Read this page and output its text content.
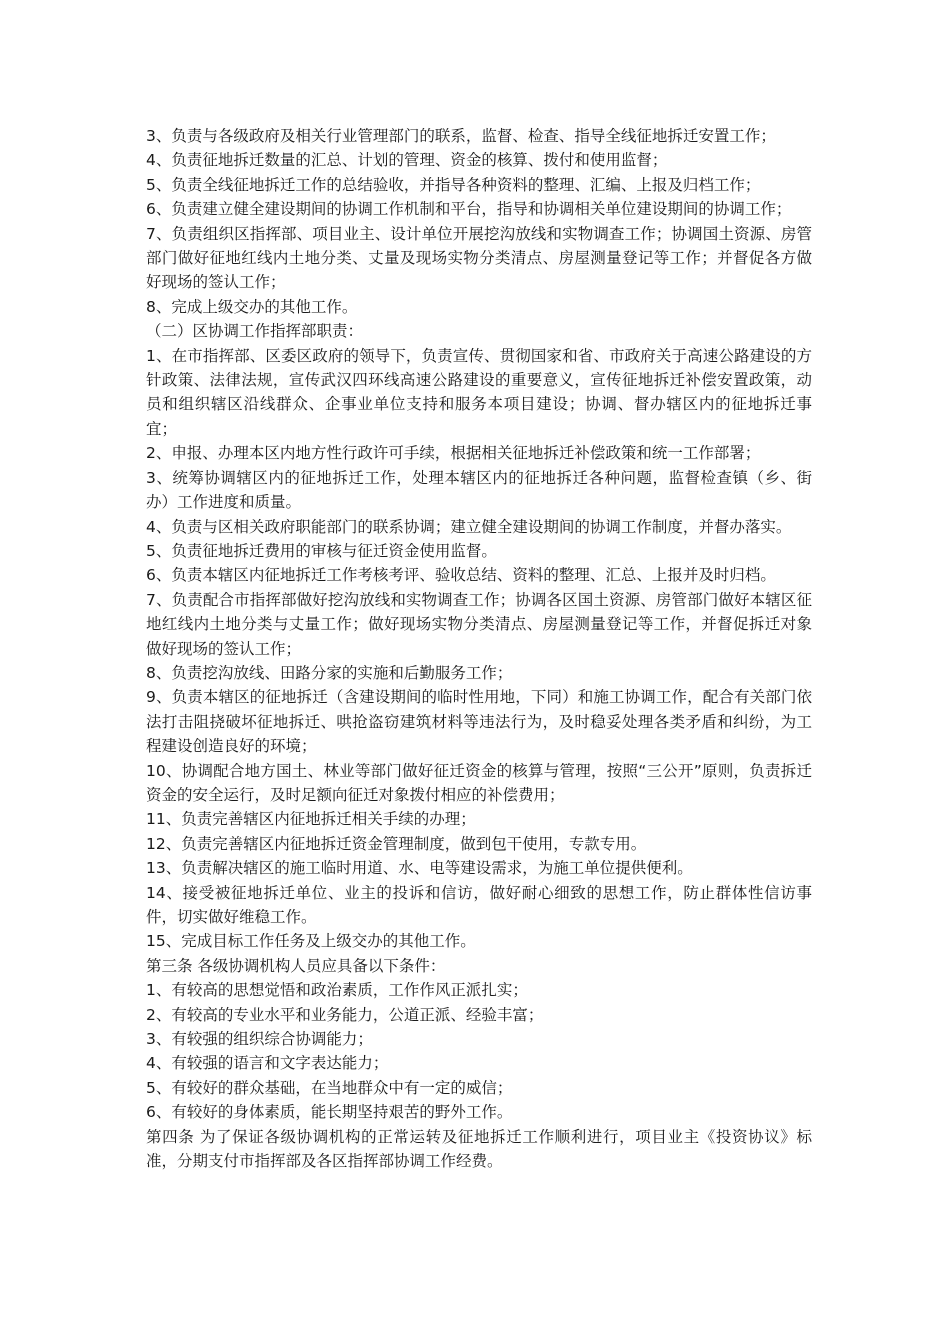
3、负责与各级政府及相关行业管理部门的联系，监督、检查、指导全线征地拆迁安置工作；

4、负责征地拆迁数量的汇总、计划的管理、资金的核算、拨付和使用监督；

5、负责全线征地拆迁工作的总结验收，并指导各种资料的整理、汇编、上报及归档工作；

6、负责建立健全建设期间的协调工作机制和平台，指导和协调相关单位建设期间的协调工作；

7、负责组织区指挥部、项目业主、设计单位开展挖沟放线和实物调查工作；协调国土资源、房管部门做好征地红线内土地分类、丈量及现场实物分类清点、房屋测量登记等工作；并督促各方做好现场的签认工作；

8、完成上级交办的其他工作。

（二）区协调工作指挥部职责：

1、在市指挥部、区委区政府的领导下，负责宣传、贯彻国家和省、市政府关于高速公路建设的方针政策、法律法规，宣传武汉四环线高速公路建设的重要意义，宣传征地拆迁补偿安置政策，动员和组织辖区沿线群众、企事业单位支持和服务本项目建设；协调、督办辖区内的征地拆迁事宜；

2、申报、办理本区内地方性行政许可手续，根据相关征地拆迁补偿政策和统一工作部署；

3、统筹协调辖区内的征地拆迁工作，处理本辖区内的征地拆迁各种问题，监督检查镇（乡、街办）工作进度和质量。

4、负责与区相关政府职能部门的联系协调；建立健全建设期间的协调工作制度，并督办落实。

5、负责征地拆迁费用的审核与征迁资金使用监督。

6、负责本辖区内征地拆迁工作考核考评、验收总结、资料的整理、汇总、上报并及时归档。

7、负责配合市指挥部做好挖沟放线和实物调查工作；协调各区国土资源、房管部门做好本辖区征地红线内土地分类与丈量工作；做好现场实物分类清点、房屋测量登记等工作，并督促拆迁对象做好现场的签认工作；

8、负责挖沟放线、田路分家的实施和后勤服务工作；

9、负责本辖区的征地拆迁（含建设期间的临时性用地，下同）和施工协调工作，配合有关部门依法打击阻挠破坏征地拆迁、哄抢盗窃建筑材料等违法行为，及时稳妥处理各类矛盾和纠纷，为工程建设创造良好的环境；

10、协调配合地方国土、林业等部门做好征迁资金的核算与管理，按照“三公开”原则，负责拆迁资金的安全运行，及时足额向征迁对象拨付相应的补偿费用；

11、负责完善辖区内征地拆迁相关手续的办理；

12、负责完善辖区内征地拆迁资金管理制度，做到包干使用，专款专用。

13、负责解决辖区的施工临时用道、水、电等建设需求，为施工单位提供便利。

14、接受被征地拆迁单位、业主的投诉和信访，做好耐心细致的思想工作，防止群体性信访事件，切实做好维稳工作。

15、完成目标工作任务及上级交办的其他工作。

第三条 各级协调机构人员应具备以下条件：

1、有较高的思想觉悟和政治素质，工作作风正派扎实；

2、有较高的专业水平和业务能力，公道正派、经验丰富；

3、有较强的组织综合协调能力；

4、有较强的语言和文字表达能力；

5、有较好的群众基础，在当地群众中有一定的威信；

6、有较好的身体素质，能长期坚持艰苦的野外工作。

第四条 为了保证各级协调机构的正常运转及征地拆迁工作顺利进行，项目业主《投资协议》标准，分期支付市指挥部及各区指挥部协调工作经费。
